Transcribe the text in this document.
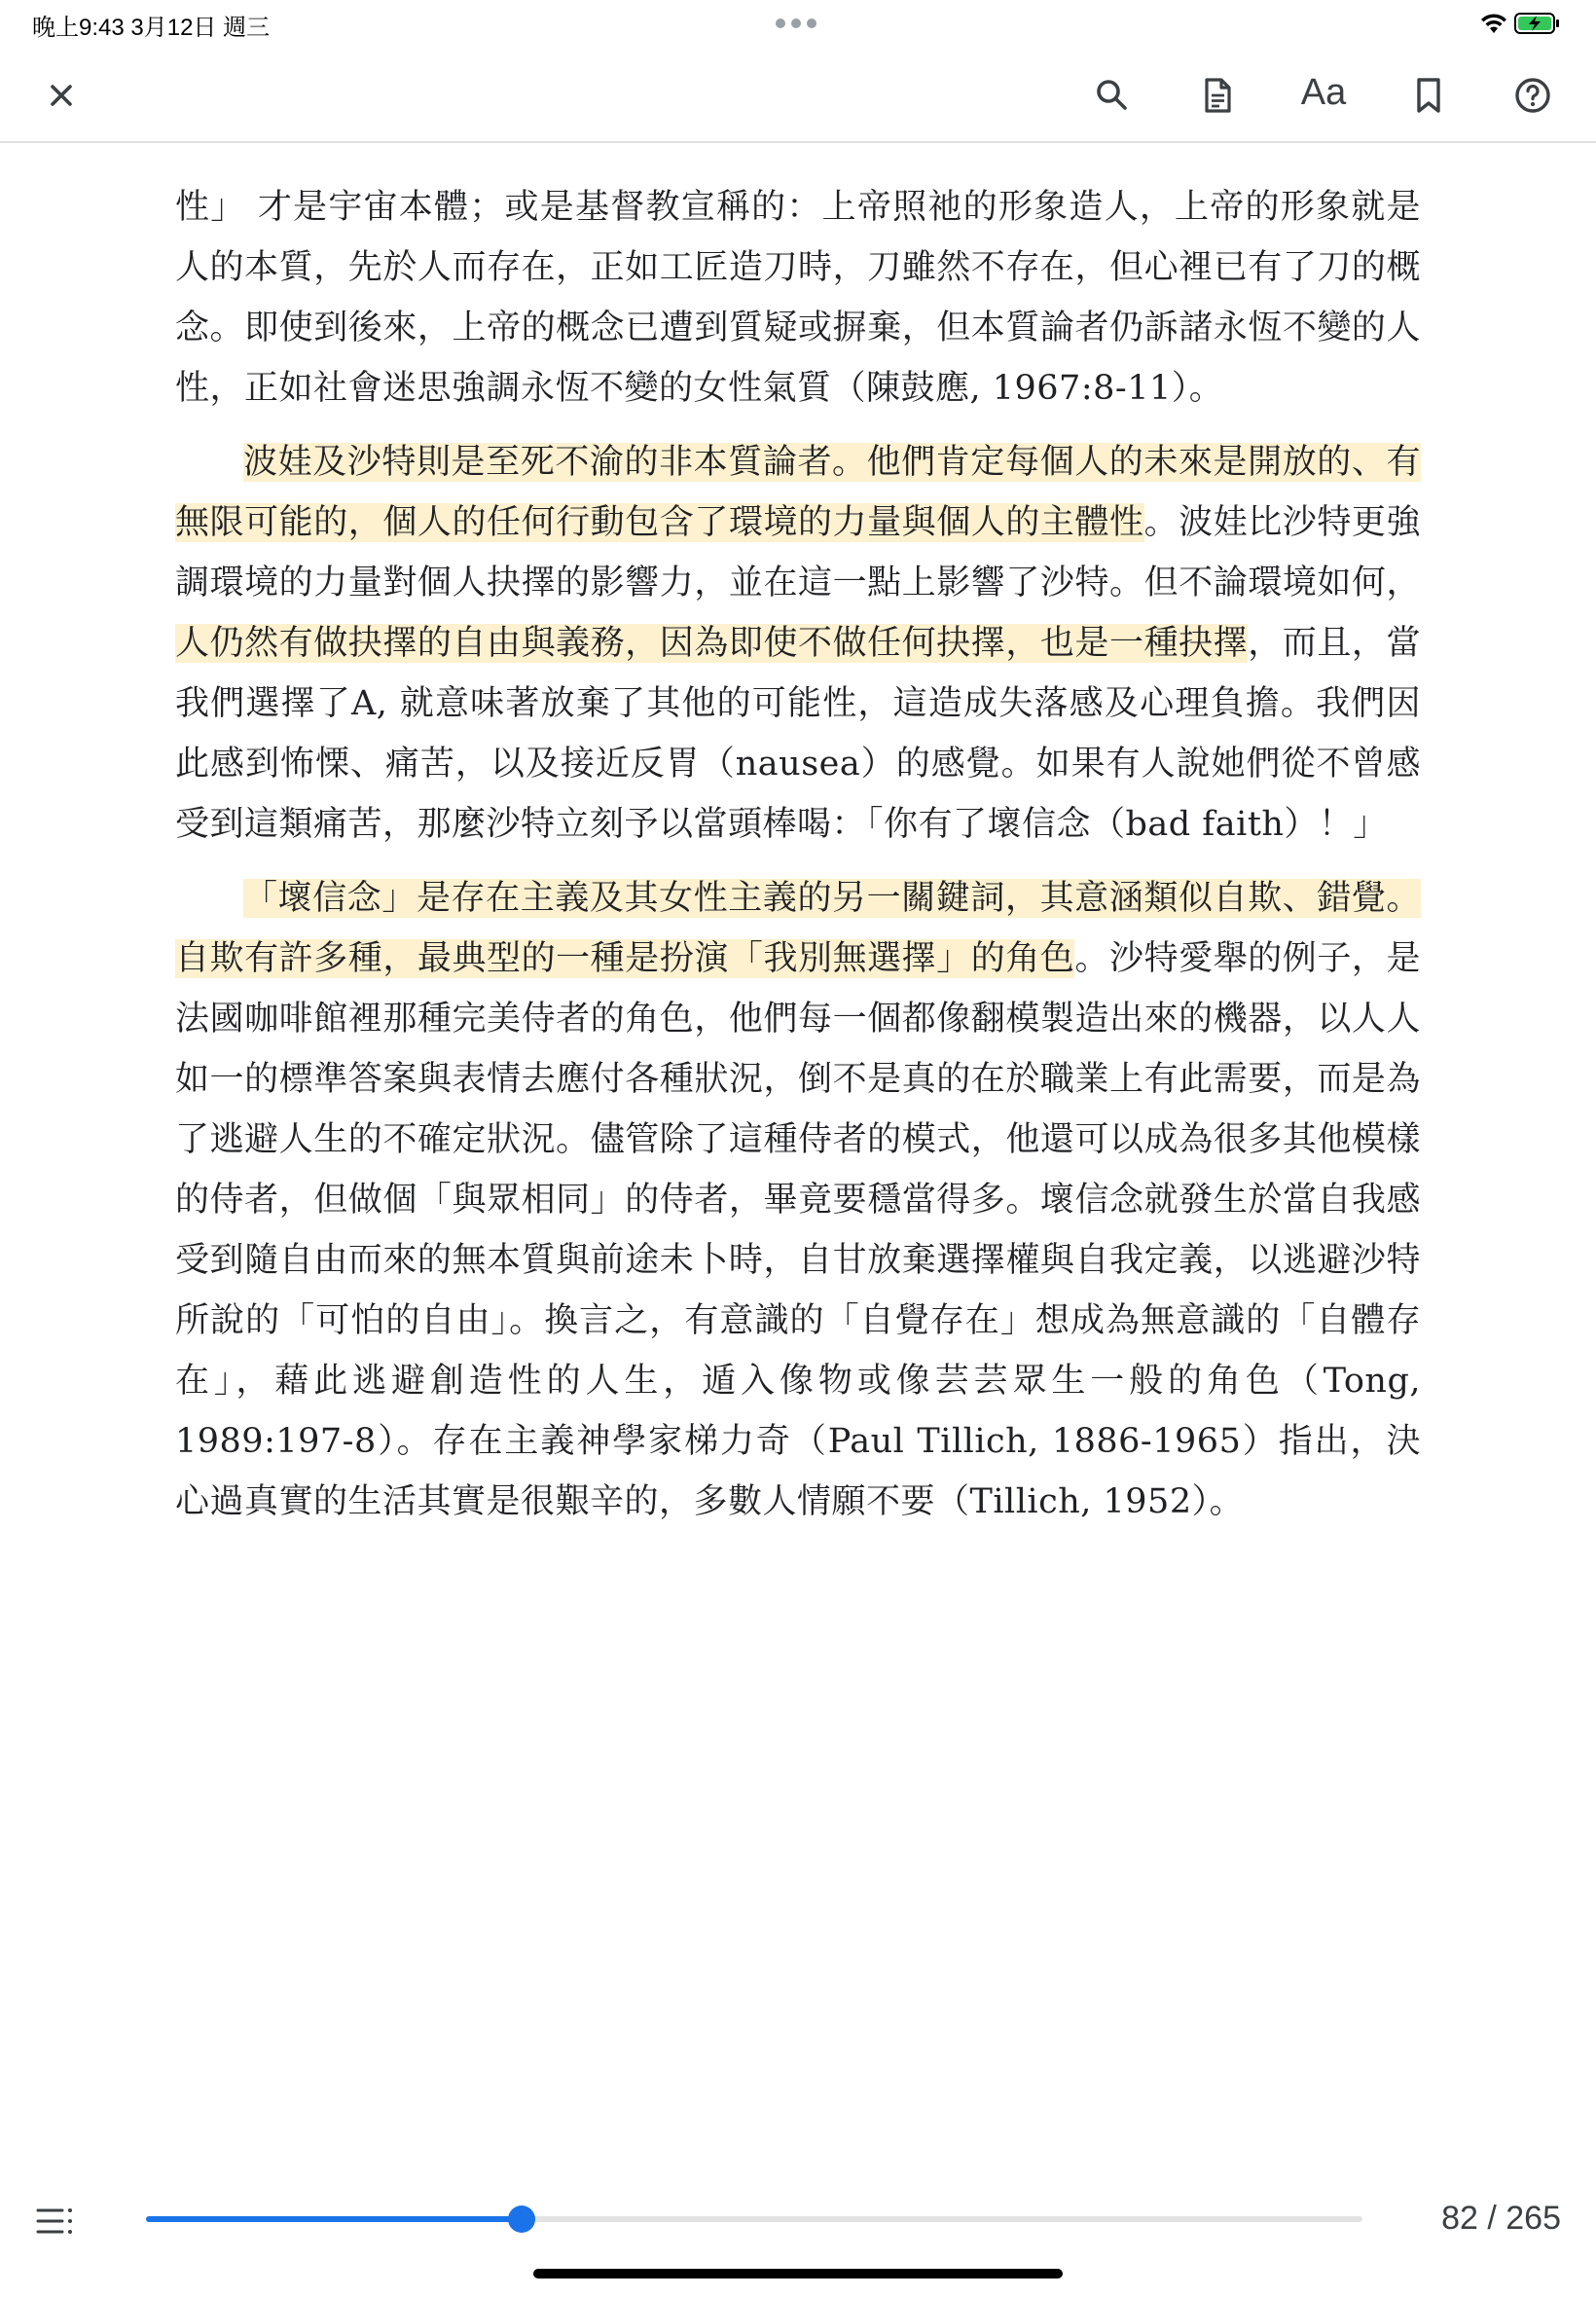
晚上9:43 3月12日 週三
Aa

性」 才是宇宙本體；或是基督教宣稱的：上帝照祂的形象造人，上帝的形象就是人的本質，先於人而存在，正如工匠造刀時，刀雖然不存在，但心裡已有了刀的概念。即使到後來，上帝的概念已遭到質疑或摒棄，但本質論者仍訴諸永恆不變的人性，正如社會迷思強調永恆不變的女性氣質（陳鼓應, 1967:8-11）。

波娃及沙特則是至死不渝的非本質論者。他們肯定每個人的未來是開放的、有無限可能的，個人的任何行動包含了環境的力量與個人的主體性。波娃比沙特更強調環境的力量對個人抉擇的影響力，並在這一點上影響了沙特。但不論環境如何，人仍然有做抉擇的自由與義務，因為即使不做任何抉擇，也是一種抉擇，而且，當我們選擇了A, 就意味著放棄了其他的可能性，這造成失落感及心理負擔。我們因此感到怖慄、痛苦，以及接近反胃（nausea）的感覺。如果有人說她們從不曾感受到這類痛苦，那麼沙特立刻予以當頭棒喝：「你有了壞信念（bad faith）！」

「壞信念」是存在主義及其女性主義的另一關鍵詞，其意涵類似自欺、錯覺。自欺有許多種，最典型的一種是扮演「我別無選擇」的角色。沙特愛舉的例子，是法國咖啡館裡那種完美侍者的角色，他們每一個都像翻模製造出來的機器，以人人如一的標準答案與表情去應付各種狀況，倒不是真的在於職業上有此需要，而是為了逃避人生的不確定狀況。儘管除了這種侍者的模式，他還可以成為很多其他模樣的侍者，但做個「與眾相同」的侍者，畢竟要穩當得多。壞信念就發生於當自我感受到隨自由而來的無本質與前途未卜時，自甘放棄選擇權與自我定義，以逃避沙特所說的「可怕的自由」。換言之，有意識的「自覺存在」想成為無意識的「自體存在」，藉此逃避創造性的人生，遁入像物或像芸芸眾生一般的角色（Tong, 1989:197-8）。存在主義神學家梯力奇（Paul Tillich, 1886-1965）指出，決心過真實的生活其實是很艱辛的，多數人情願不要（Tillich, 1952）。

82 / 265
